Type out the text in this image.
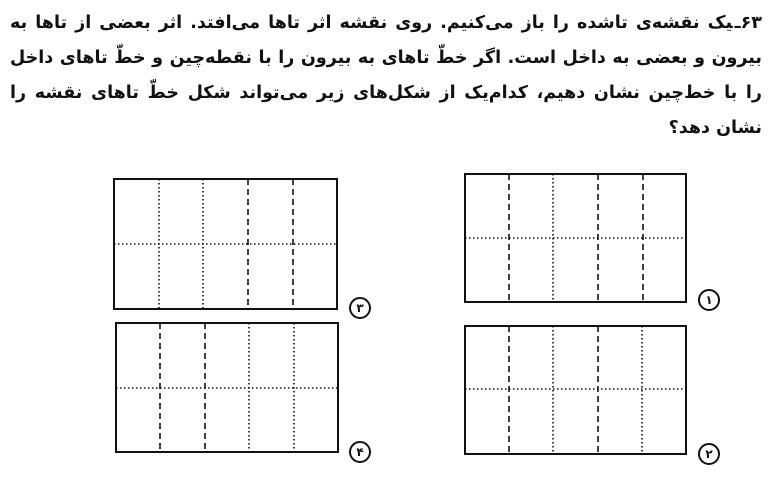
۶۳ـیک نقشه‌ی تاشده را باز می‌کنیم. روی نقشه اثر تاها می‌افتد. اثر بعضی از تاها به بیرون و بعضی به داخل است. اگر خطّ تاهای به بیرون را با نقطه‌چین و خطّ تاهای داخل را با خط‌چین نشان دهیم، کدام‌یک از شکل‌های زیر می‌تواند شکل خطّ تاهای نقشه را نشان دهد؟

۱
۲
۳
۴
